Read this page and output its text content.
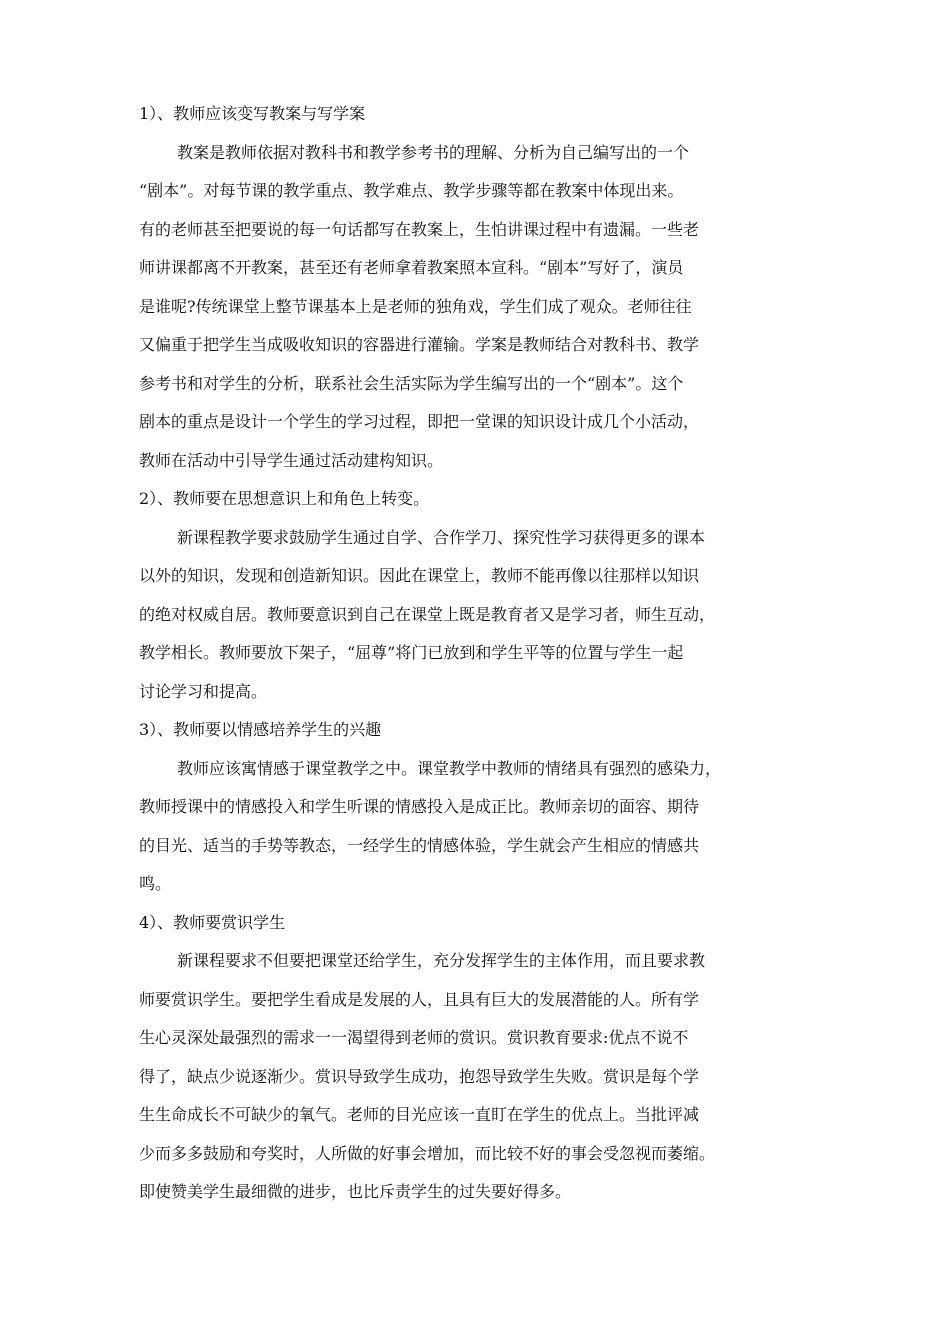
1）、教师应该变写教案与写学案

教案是教师依据对教科书和教学参考书的理解、分析为自己编写出的一个
“剧本”。对每节课的教学重点、教学难点、教学步骤等都在教案中体现出来。
有的老师甚至把要说的每一句话都写在教案上，生怕讲课过程中有遗漏。一些老
师讲课都离不开教案，甚至还有老师拿着教案照本宣科。“剧本”写好了，演员
是谁呢?传统课堂上整节课基本上是老师的独角戏，学生们成了观众。老师往往
又偏重于把学生当成吸收知识的容器进行灌输。学案是教师结合对教科书、教学
参考书和对学生的分析，联系社会生活实际为学生编写出的一个“剧本”。这个
剧本的重点是设计一个学生的学习过程，即把一堂课的知识设计成几个小活动，
教师在活动中引导学生通过活动建构知识。

2）、教师要在思想意识上和角色上转变。

新课程教学要求鼓励学生通过自学、合作学刀、探究性学习获得更多的课本
以外的知识，发现和创造新知识。因此在课堂上，教师不能再像以往那样以知识
的绝对权威自居。教师要意识到自己在课堂上既是教育者又是学习者，师生互动，
教学相长。教师要放下架子，“屈尊”将门已放到和学生平等的位置与学生一起
讨论学习和提高。

3）、教师要以情感培养学生的兴趣

教师应该寓情感于课堂教学之中。课堂教学中教师的情绪具有强烈的感染力，
教师授课中的情感投入和学生听课的情感投入是成正比。教师亲切的面容、期待
的目光、适当的手势等教态，一经学生的情感体验，学生就会产生相应的情感共
鸣。

4）、教师要赏识学生

新课程要求不但要把课堂还给学生，充分发挥学生的主体作用，而且要求教
师要赏识学生。要把学生看成是发展的人，且具有巨大的发展潜能的人。所有学
生心灵深处最强烈的需求一一渴望得到老师的赏识。赏识教育要求:优点不说不
得了，缺点少说逐渐少。赏识导致学生成功，抱怨导致学生失败。赏识是每个学
生生命成长不可缺少的氧气。老师的目光应该一直盯在学生的优点上。当批评减
少而多多鼓励和夸奖时，人所做的好事会增加，而比较不好的事会受忽视而萎缩。
即使赞美学生最细微的进步，也比斥责学生的过失要好得多。
